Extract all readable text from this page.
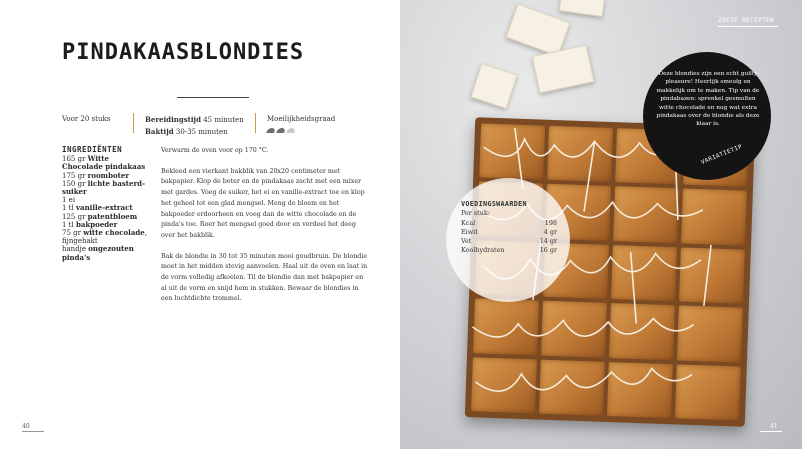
PINDAKAASBLONDIES
Voor 20 stuks	Bereidingstijd 45 minuten
Baktijd 30-35 minuten
Moeilijkheidsgraad
INGREDIËNTEN
165 gr Witte Chocolade pindakaas
175 gr roomboter
150 gr lichte basterd-suiker
1 ei
1 tl vanille-extract
125 gr patentbloem
1 tl bakpoeder
75 gr witte chocolade, fijngehakt
handje ongezouten pinda's

Verwarm de oven voor op 170 °C.

Bekleed een vierkant bakblik van 20x20 centimeter met bakpapier. Klop de boter en de pindakaas zacht met een mixer met gardes. Voeg de suiker, het ei en vanille-extract toe en klop het geheel tot een glad mengsel. Meng de bloem en het bakpoeder erdoorheen en voeg dan de witte chocolade en de pinda's toe. Roer het mengsel goed door en verdeel het deeg over het bakblik.

Bak de blondie in 30 tot 35 minuten mooi goudbruin. De blondie moet in het midden stevig aanvoelen. Haal uit de oven en laat in de vorm volledig afkoelen. Til de blondie dan met bakpapier en al uit de vorm en snijd hem in stukken. Bewaar de blondies in een luchtdichte trommel.

40
VOEDINGSWAARDEN
Per stuk:
Kcal	198
Eiwit	4 gr
Vet	14 gr
Koolhydraten	16 gr
Deze blondies zijn een echt guilty pleasure! Heerlijk smeuïg en makkelijk om te maken. Tip van de pindabazen: sprenkel gesmolten witte chocolade en nog wat extra pindakaas over de blondie als deze klaar is.
VARIATIETIP
ZOETE RECEPTEN
41
